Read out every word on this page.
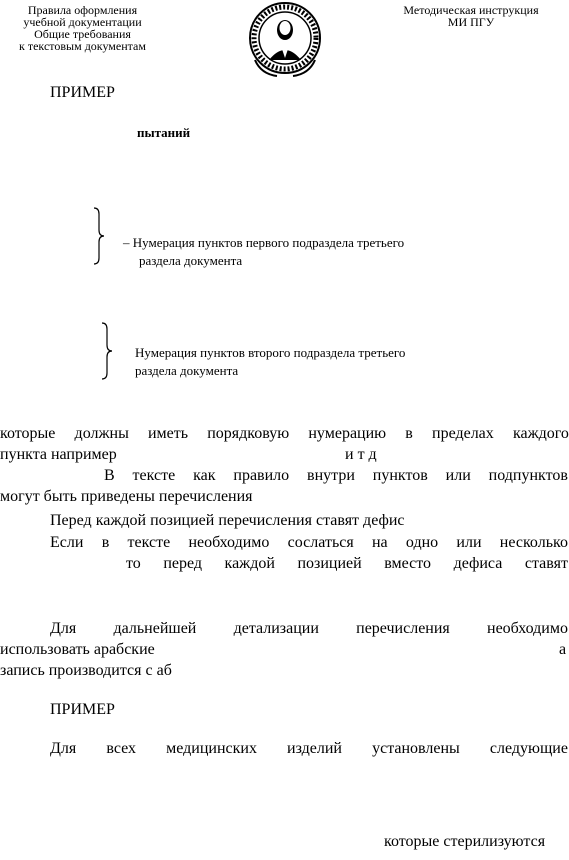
Правила оформления
учебной документации
Общие требования
к текстовым документам
Методическая инструкция
МИ ПГУ
ПРИМЕР
пытаний
– Нумерация пунктов первого подраздела третьего
раздела документа
Нумерация пунктов второго подраздела третьего
раздела документа
которые должны иметь порядковую нумерацию в пределах каждого
пункта например	и т д
В тексте как правило внутри пунктов или подпунктов
могут быть приведены перечисления
Перед каждой позицией перечисления ставят дефис
Если в тексте необходимо сослаться на одно или несколько
то перед каждой позицией вместо дефиса ставят
Для дальнейшей детализации перечисления необходимо
использовать арабские	а
запись производится с аб
ПРИМЕР
Для всех медицинских изделий установлены следующие
которые стерилизуются
